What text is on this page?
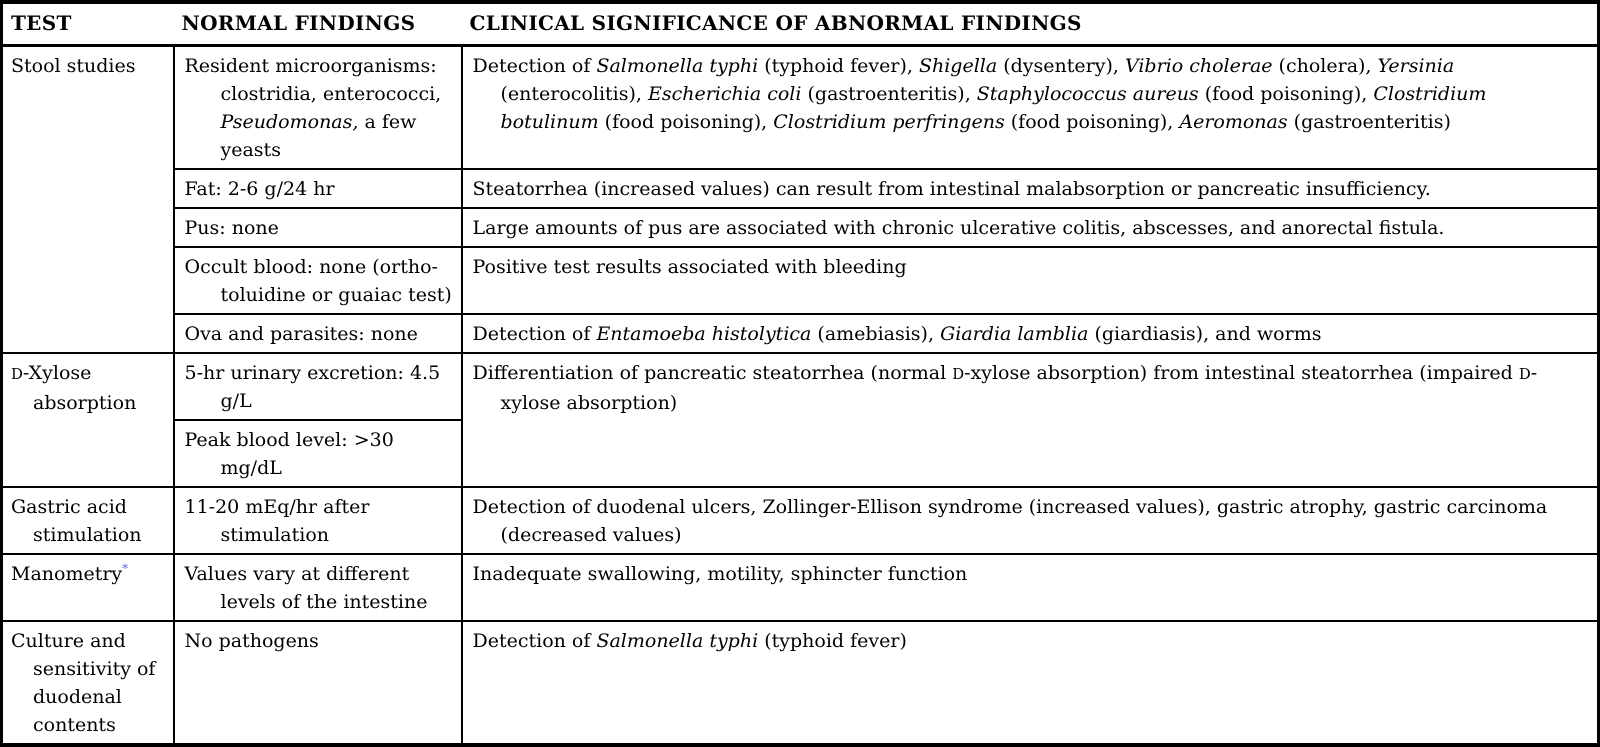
TEST	NORMAL FINDINGS	CLINICAL SIGNIFICANCE OF ABNORMAL FINDINGS
Stool studies	Resident microorganisms: clostridia, enterococci, Pseudomonas, a few yeasts	Detection of Salmonella typhi (typhoid fever), Shigella (dysentery), Vibrio cholerae (cholera), Yersinia (enterocolitis), Escherichia coli (gastroenteritis), Staphylococcus aureus (food poisoning), Clostridium botulinum (food poisoning), Clostridium perfringens (food poisoning), Aeromonas (gastroenteritis)
	Fat: 2-6 g/24 hr	Steatorrhea (increased values) can result from intestinal malabsorption or pancreatic insufficiency.
	Pus: none	Large amounts of pus are associated with chronic ulcerative colitis, abscesses, and anorectal fistula.
	Occult blood: none (ortho-toluidine or guaiac test)	Positive test results associated with bleeding
	Ova and parasites: none	Detection of Entamoeba histolytica (amebiasis), Giardia lamblia (giardiasis), and worms
D-Xylose absorption	5-hr urinary excretion: 4.5 g/L	Differentiation of pancreatic steatorrhea (normal D-xylose absorption) from intestinal steatorrhea (impaired D-xylose absorption)
	Peak blood level: >30 mg/dL	
Gastric acid stimulation	11-20 mEq/hr after stimulation	Detection of duodenal ulcers, Zollinger-Ellison syndrome (increased values), gastric atrophy, gastric carcinoma (decreased values)
Manometry*	Values vary at different levels of the intestine	Inadequate swallowing, motility, sphincter function
Culture and sensitivity of duodenal contents	No pathogens	Detection of Salmonella typhi (typhoid fever)
